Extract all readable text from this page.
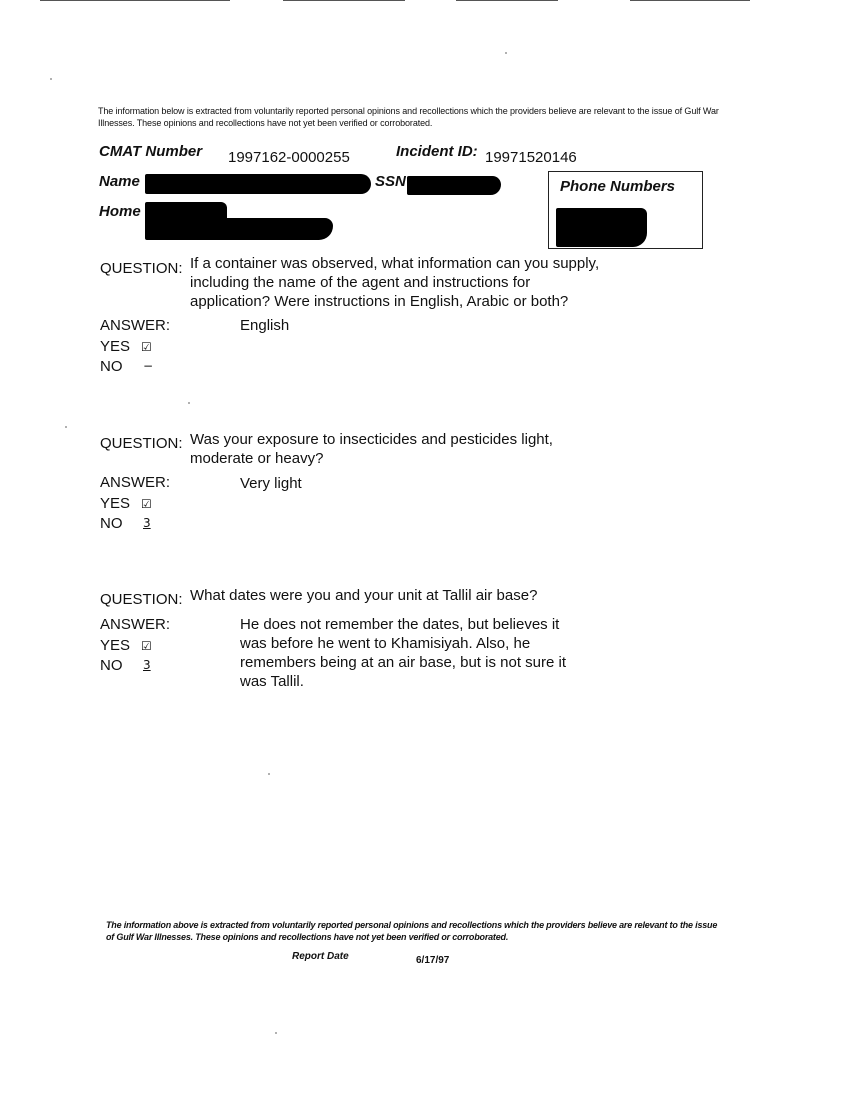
The information below is extracted from voluntarily reported personal opinions and recollections which the providers believe are relevant to the issue of Gulf War Illnesses. These opinions and recollections have not yet been verified or corroborated.
CMAT Number 1997162-0000255	Incident ID: 19971520146
Name	SSN
Home
Phone Numbers
QUESTION: If a container was observed, what information can you supply, including the name of the agent and instructions for application? Were instructions in English, Arabic or both?
ANSWER:	English
YES ☑
NO −
QUESTION: Was your exposure to insecticides and pesticides light, moderate or heavy?
ANSWER:	Very light
YES ☑
NO 3
QUESTION: What dates were you and your unit at Tallil air base?
ANSWER:	He does not remember the dates, but believes it was before he went to Khamisiyah. Also, he remembers being at an air base, but is not sure it was Tallil.
YES ☑
NO 3
The information above is extracted from voluntarily reported personal opinions and recollections which the providers believe are relevant to the issue of Gulf War Illnesses. These opinions and recollections have not yet been verified or corroborated.
Report Date	6/17/97
